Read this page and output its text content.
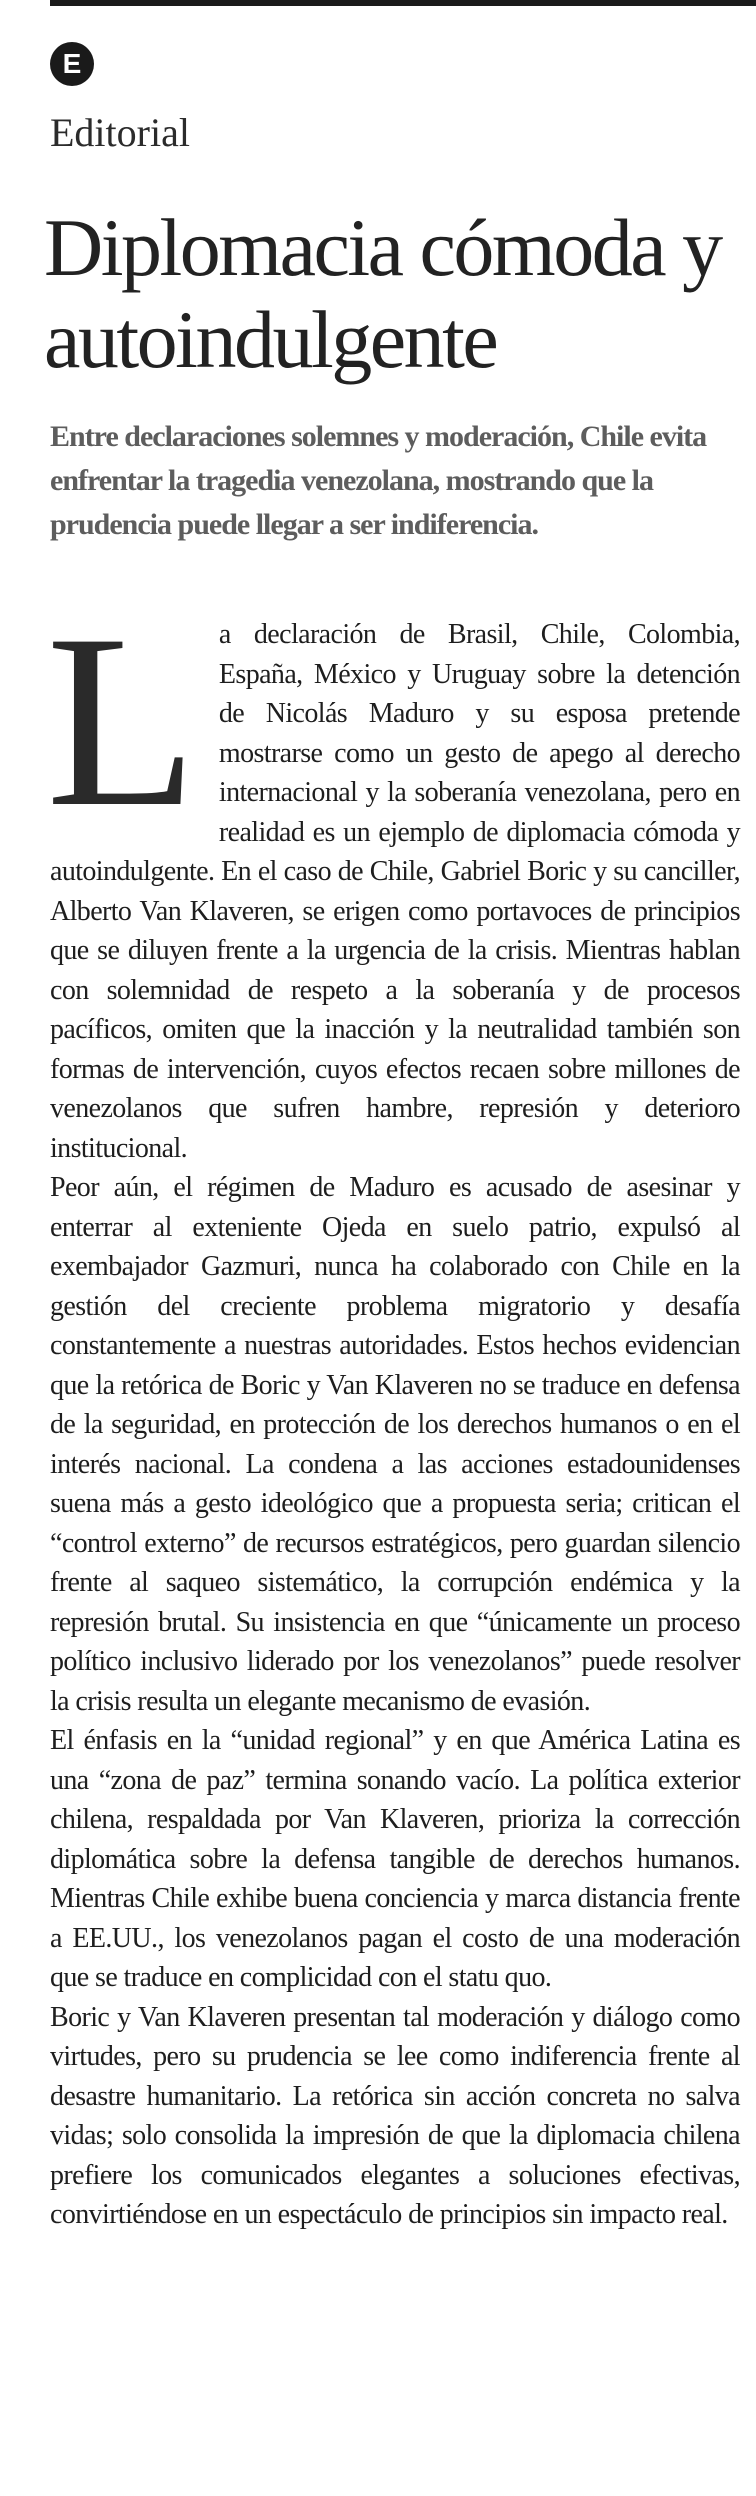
E
Editorial
Diplomacia cómoda y autoindulgente

Entre declaraciones solemnes y moderación, Chile evita enfrentar la tragedia venezolana, mostrando que la prudencia puede llegar a ser indiferencia.

La declaración de Brasil, Chile, Colombia, España, México y Uruguay sobre la detención de Nicolás Maduro y su esposa pretende mostrarse como un gesto de apego al derecho internacional y la soberanía venezolana, pero en realidad es un ejemplo de diplomacia cómoda y autoindulgente. En el caso de Chile, Gabriel Boric y su canciller, Alberto Van Klaveren, se erigen como portavoces de principios que se diluyen frente a la urgencia de la crisis. Mientras hablan con solemnidad de respeto a la soberanía y de procesos pacíficos, omiten que la inacción y la neutralidad también son formas de intervención, cuyos efectos recaen sobre millones de venezolanos que sufren hambre, represión y deterioro institucional.

Peor aún, el régimen de Maduro es acusado de asesinar y enterrar al exteniente Ojeda en suelo patrio, expulsó al exembajador Gazmuri, nunca ha colaborado con Chile en la gestión del creciente problema migratorio y desafía constantemente a nuestras autoridades. Estos hechos evidencian que la retórica de Boric y Van Klaveren no se traduce en defensa de la seguridad, en protección de los derechos humanos o en el interés nacional. La condena a las acciones estadounidenses suena más a gesto ideológico que a propuesta seria; critican el “control externo” de recursos estratégicos, pero guardan silencio frente al saqueo sistemático, la corrupción endémica y la represión brutal. Su insistencia en que “únicamente un proceso político inclusivo liderado por los venezolanos” puede resolver la crisis resulta un elegante mecanismo de evasión.

El énfasis en la “unidad regional” y en que América Latina es una “zona de paz” termina sonando vacío. La política exterior chilena, respaldada por Van Klaveren, prioriza la corrección diplomática sobre la defensa tangible de derechos humanos. Mientras Chile exhibe buena conciencia y marca distancia frente a EE.UU., los venezolanos pagan el costo de una moderación que se traduce en complicidad con el statu quo.

Boric y Van Klaveren presentan tal moderación y diálogo como virtudes, pero su prudencia se lee como indiferencia frente al desastre humanitario. La retórica sin acción concreta no salva vidas; solo consolida la impresión de que la diplomacia chilena prefiere los comunicados elegantes a soluciones efectivas, convirtiéndose en un espectáculo de principios sin impacto real.
